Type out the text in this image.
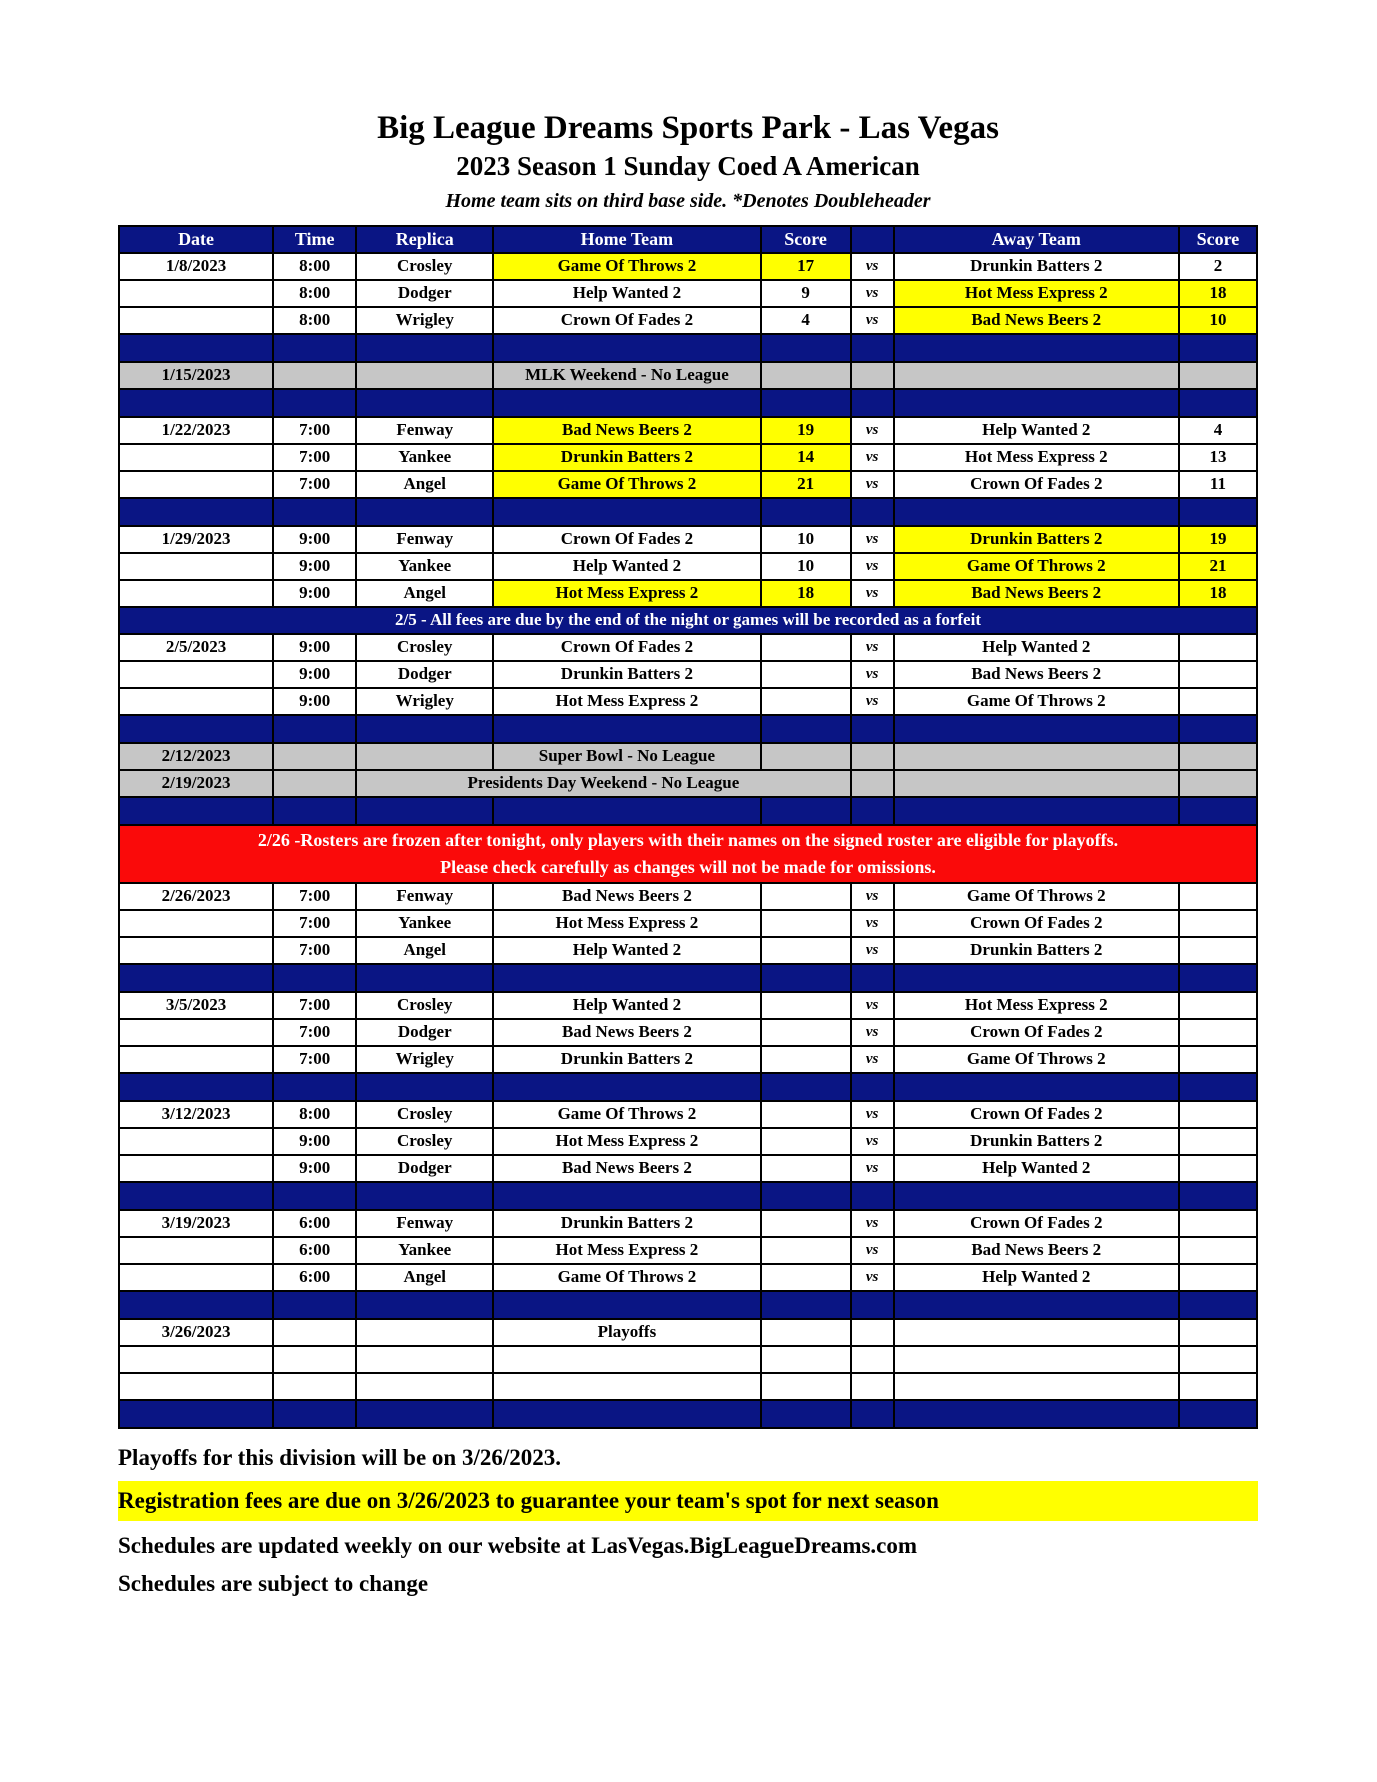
Big League Dreams Sports Park - Las Vegas
2023 Season 1 Sunday Coed A American
Home team sits on third base side. *Denotes Doubleheader
Date	Time	Replica	Home Team	Score		Away Team	Score
1/8/2023	8:00	Crosley	Game Of Throws 2	17	vs	Drunkin Batters 2	2
	8:00	Dodger	Help Wanted 2	9	vs	Hot Mess Express 2	18
	8:00	Wrigley	Crown Of Fades 2	4	vs	Bad News Beers 2	10

1/15/2023			MLK Weekend - No League				

1/22/2023	7:00	Fenway	Bad News Beers 2	19	vs	Help Wanted 2	4
	7:00	Yankee	Drunkin Batters 2	14	vs	Hot Mess Express 2	13
	7:00	Angel	Game Of Throws 2	21	vs	Crown Of Fades 2	11

1/29/2023	9:00	Fenway	Crown Of Fades 2	10	vs	Drunkin Batters 2	19
	9:00	Yankee	Help Wanted 2	10	vs	Game Of Throws 2	21
	9:00	Angel	Hot Mess Express 2	18	vs	Bad News Beers 2	18

2/5 - All fees are due by the end of the night or games will be recorded as a forfeit							

2/5/2023	9:00	Crosley	Crown Of Fades 2		vs	Help Wanted 2	
	9:00	Dodger	Drunkin Batters 2		vs	Bad News Beers 2	
	9:00	Wrigley	Hot Mess Express 2		vs	Game Of Throws 2	

2/12/2023			Super Bowl - No League				
2/19/2023		Presidents Day Weekend - No League					

2/26 -Rosters are frozen after tonight, only players with their names on the signed roster are eligible for playoffs.
Please check carefully as changes will not be made for omissions.							

2/26/2023	7:00	Fenway	Bad News Beers 2		vs	Game Of Throws 2	
	7:00	Yankee	Hot Mess Express 2		vs	Crown Of Fades 2	
	7:00	Angel	Help Wanted 2		vs	Drunkin Batters 2	

3/5/2023	7:00	Crosley	Help Wanted 2		vs	Hot Mess Express 2	
	7:00	Dodger	Bad News Beers 2		vs	Crown Of Fades 2	
	7:00	Wrigley	Drunkin Batters 2		vs	Game Of Throws 2	

3/12/2023	8:00	Crosley	Game Of Throws 2		vs	Crown Of Fades 2	
	9:00	Crosley	Hot Mess Express 2		vs	Drunkin Batters 2	
	9:00	Dodger	Bad News Beers 2		vs	Help Wanted 2	

3/19/2023	6:00	Fenway	Drunkin Batters 2		vs	Crown Of Fades 2	
	6:00	Yankee	Hot Mess Express 2		vs	Bad News Beers 2	
	6:00	Angel	Game Of Throws 2		vs	Help Wanted 2	

3/26/2023			Playoffs				

Playoffs for this division will be on 3/26/2023.
Registration fees are due on 3/26/2023 to guarantee your team's spot for next season
Schedules are updated weekly on our website at LasVegas.BigLeagueDreams.com
Schedules are subject to change
